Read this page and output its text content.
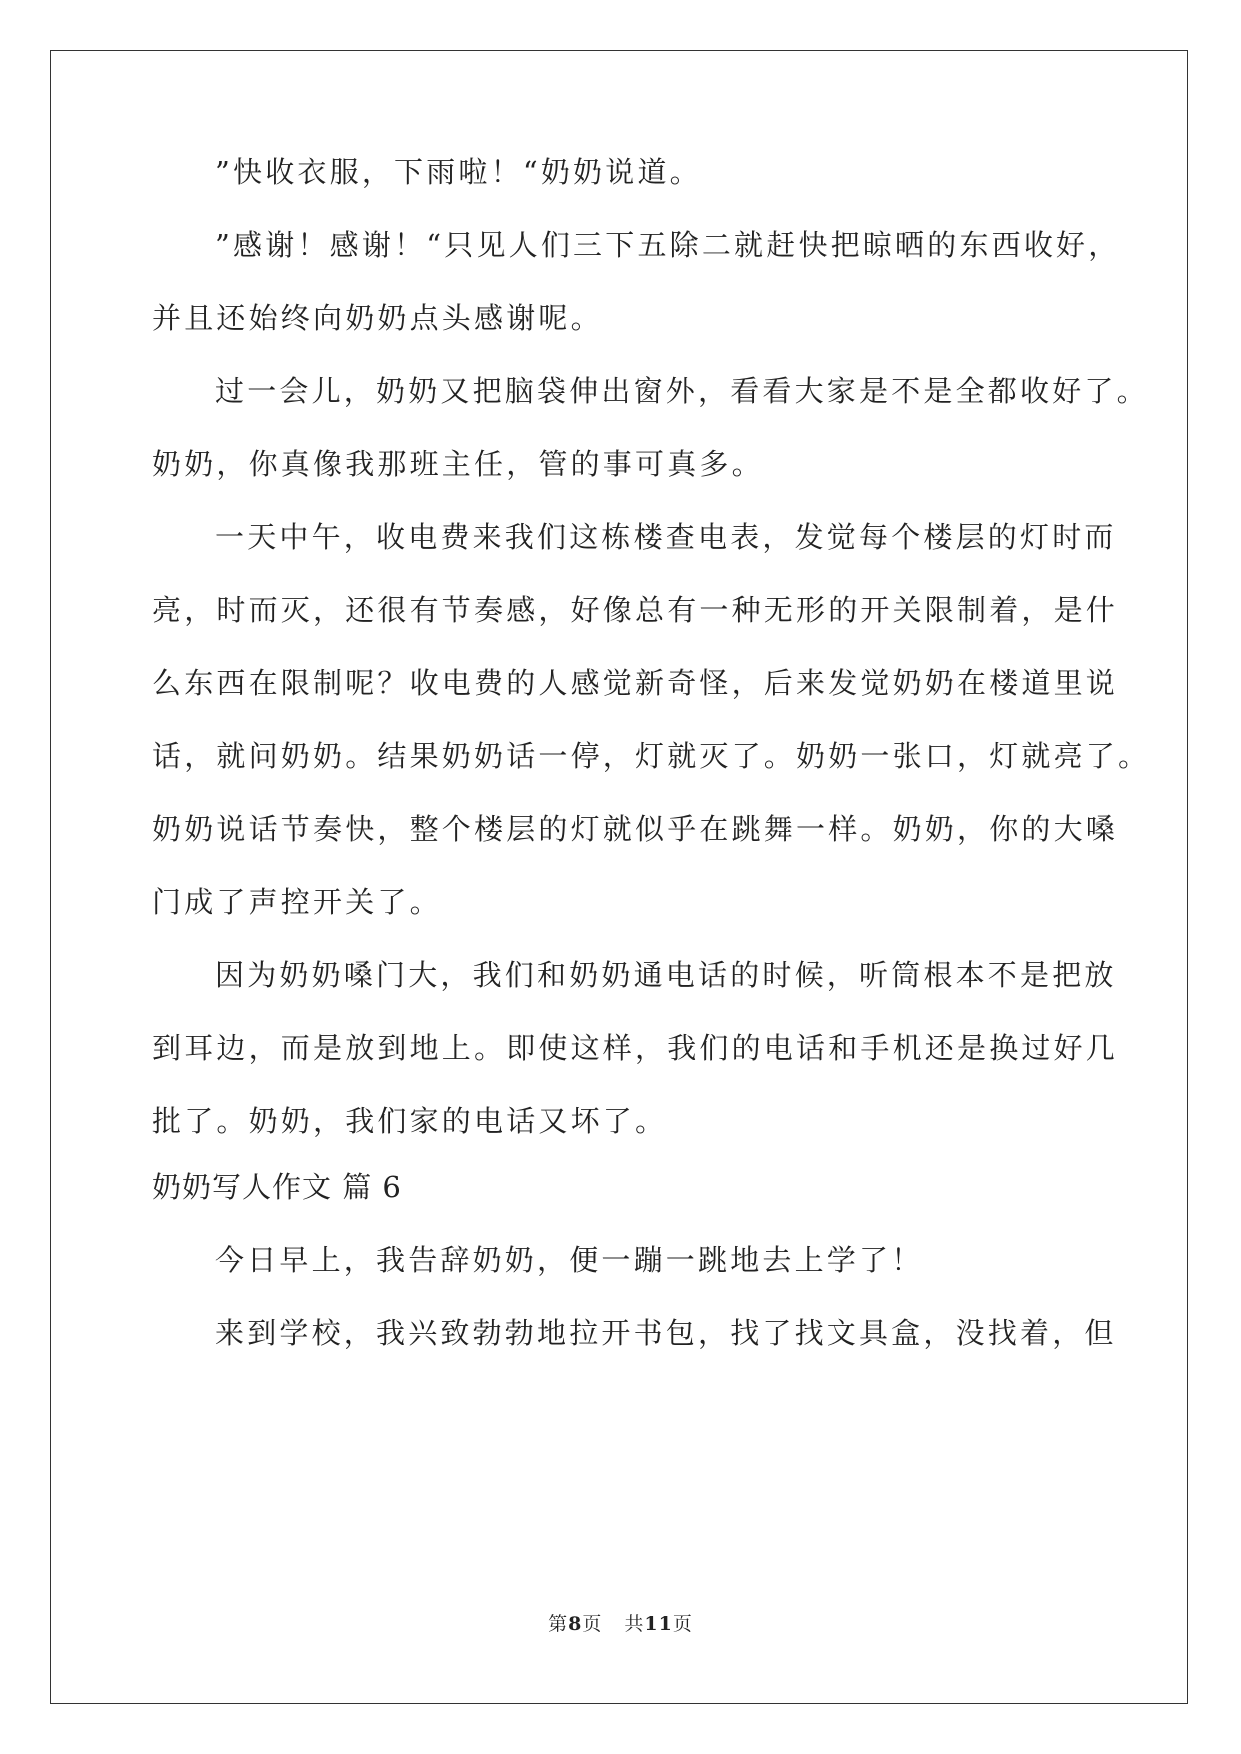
”快收衣服，下雨啦！“奶奶说道。
”感谢！感谢！“只见人们三下五除二就赶快把晾晒的东西收好，
并且还始终向奶奶点头感谢呢。
过一会儿，奶奶又把脑袋伸出窗外，看看大家是不是全都收好了。
奶奶，你真像我那班主任，管的事可真多。
一天中午，收电费来我们这栋楼查电表，发觉每个楼层的灯时而
亮，时而灭，还很有节奏感，好像总有一种无形的开关限制着，是什
么东西在限制呢？收电费的人感觉新奇怪，后来发觉奶奶在楼道里说
话，就问奶奶。结果奶奶话一停，灯就灭了。奶奶一张口，灯就亮了。
奶奶说话节奏快，整个楼层的灯就似乎在跳舞一样。奶奶，你的大嗓
门成了声控开关了。
因为奶奶嗓门大，我们和奶奶通电话的时候，听筒根本不是把放
到耳边，而是放到地上。即使这样，我们的电话和手机还是换过好几
批了。奶奶，我们家的电话又坏了。
奶奶写人作文 篇 6
今日早上，我告辞奶奶，便一蹦一跳地去上学了！
来到学校，我兴致勃勃地拉开书包，找了找文具盒，没找着，但
第8页 共11页
